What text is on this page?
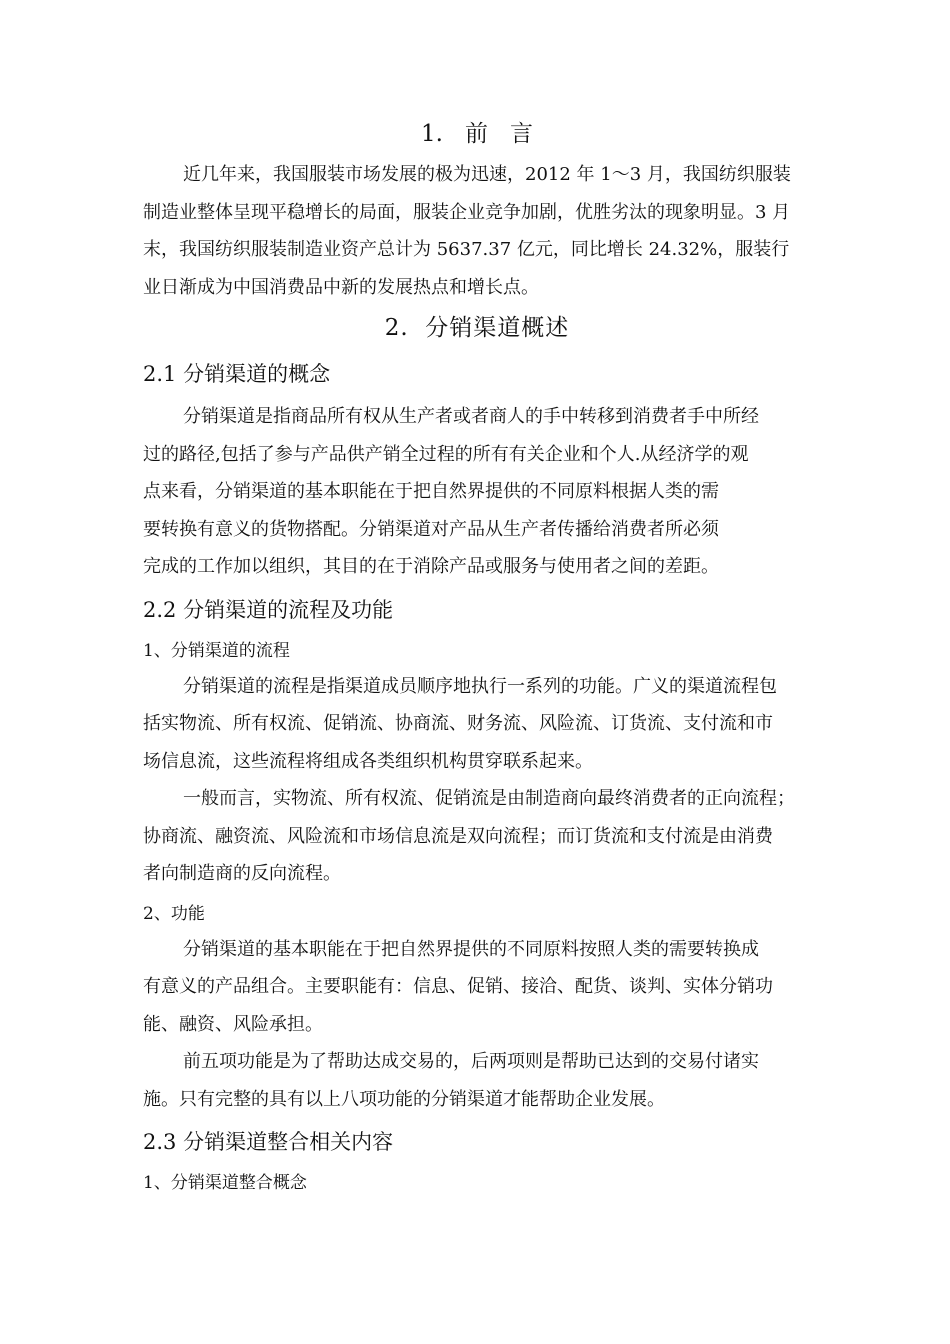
1. 前 言

近几年来，我国服装市场发展的极为迅速，2012 年 1～3 月，我国纺织服装
制造业整体呈现平稳增长的局面，服装企业竞争加剧，优胜劣汰的现象明显。3 月
末，我国纺织服装制造业资产总计为 5637.37 亿元，同比增长 24.32%，服装行
业日渐成为中国消费品中新的发展热点和增长点。

2.  分销渠道概述
2.1 分销渠道的概念

分销渠道是指商品所有权从生产者或者商人的手中转移到消费者手中所经
过的路径,包括了参与产品供产销全过程的所有有关企业和个人.从经济学的观
点来看，分销渠道的基本职能在于把自然界提供的不同原料根据人类的需
要转换有意义的货物搭配。分销渠道对产品从生产者传播给消费者所必须
完成的工作加以组织，其目的在于消除产品或服务与使用者之间的差距。

2.2 分销渠道的流程及功能
1、分销渠道的流程

分销渠道的流程是指渠道成员顺序地执行一系列的功能。广义的渠道流程包
括实物流、所有权流、促销流、协商流、财务流、风险流、订货流、支付流和市
场信息流，这些流程将组成各类组织机构贯穿联系起来。

一般而言，实物流、所有权流、促销流是由制造商向最终消费者的正向流程；
协商流、融资流、风险流和市场信息流是双向流程；而订货流和支付流是由消费
者向制造商的反向流程。

2、功能

分销渠道的基本职能在于把自然界提供的不同原料按照人类的需要转换成
有意义的产品组合。主要职能有：信息、促销、接洽、配货、谈判、实体分销功
能、融资、风险承担。

前五项功能是为了帮助达成交易的，后两项则是帮助已达到的交易付诸实
施。只有完整的具有以上八项功能的分销渠道才能帮助企业发展。

2.3 分销渠道整合相关内容
1、分销渠道整合概念
